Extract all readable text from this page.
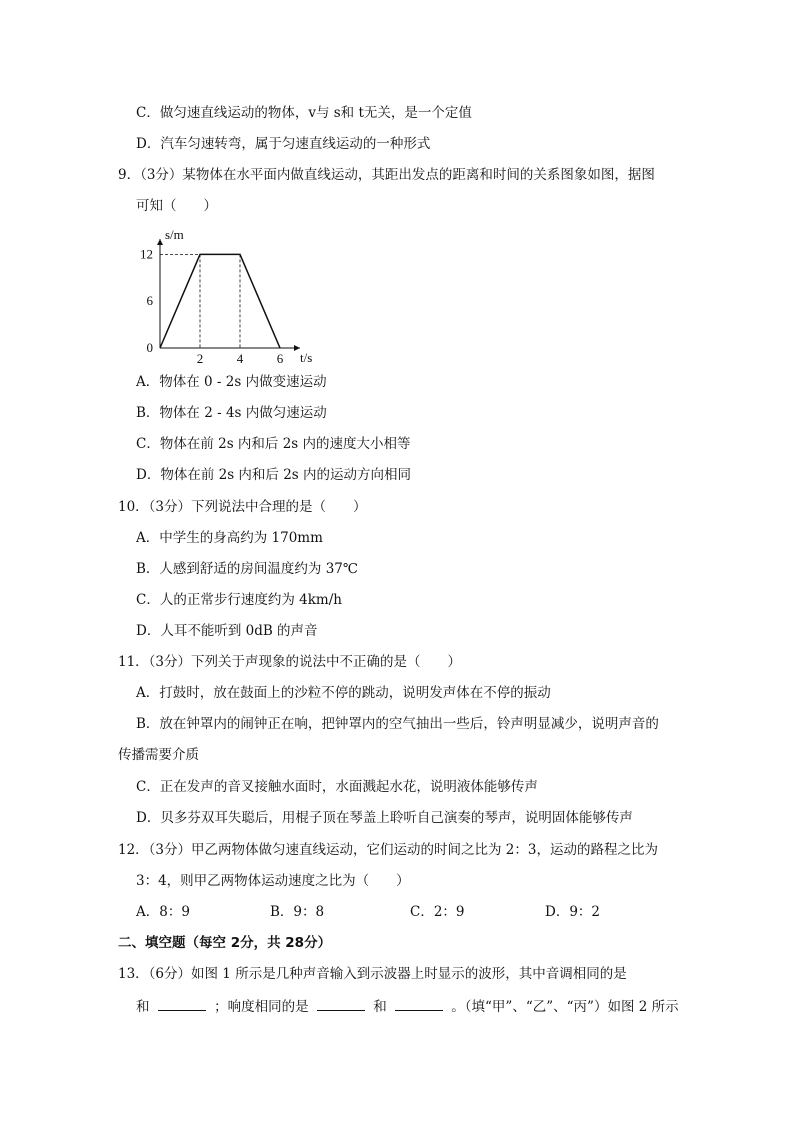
C．做匀速直线运动的物体，v与 s和 t无关，是一个定值
D．汽车匀速转弯，属于匀速直线运动的一种形式
9．（3分）某物体在水平面内做直线运动，其距出发点的距离和时间的关系图象如图，据图
可知（　　）
0
2	4	6
6
12
s/m
t/s
A．物体在 0 - 2s 内做变速运动
B．物体在 2 - 4s 内做匀速运动
C．物体在前 2s 内和后 2s 内的速度大小相等
D．物体在前 2s 内和后 2s 内的运动方向相同
10．（3分）下列说法中合理的是（　　）
A．中学生的身高约为 170mm
B．人感到舒适的房间温度约为 37℃
C．人的正常步行速度约为 4km/h
D．人耳不能听到 0dB 的声音
11．（3分）下列关于声现象的说法中不正确的是（　　）
A．打鼓时，放在鼓面上的沙粒不停的跳动，说明发声体在不停的振动
B．放在钟罩内的闹钟正在响，把钟罩内的空气抽出一些后，铃声明显减少，说明声音的
传播需要介质
C．正在发声的音叉接触水面时，水面溅起水花，说明液体能够传声
D．贝多芬双耳失聪后，用棍子顶在琴盖上聆听自己演奏的琴声，说明固体能够传声
12．（3分）甲乙两物体做匀速直线运动，它们运动的时间之比为 2：3，运动的路程之比为
3：4，则甲乙两物体运动速度之比为（　　）
A．8：9	B．9：8	C．2：9	D．9：2
二、填空题（每空 2分，共 28分）
13．（6分）如图 1 所示是几种声音输入到示波器上时显示的波形，其中音调相同的是
和	；响度相同的是	和	。（填“甲”、“乙”、“丙”）如图 2 所示
